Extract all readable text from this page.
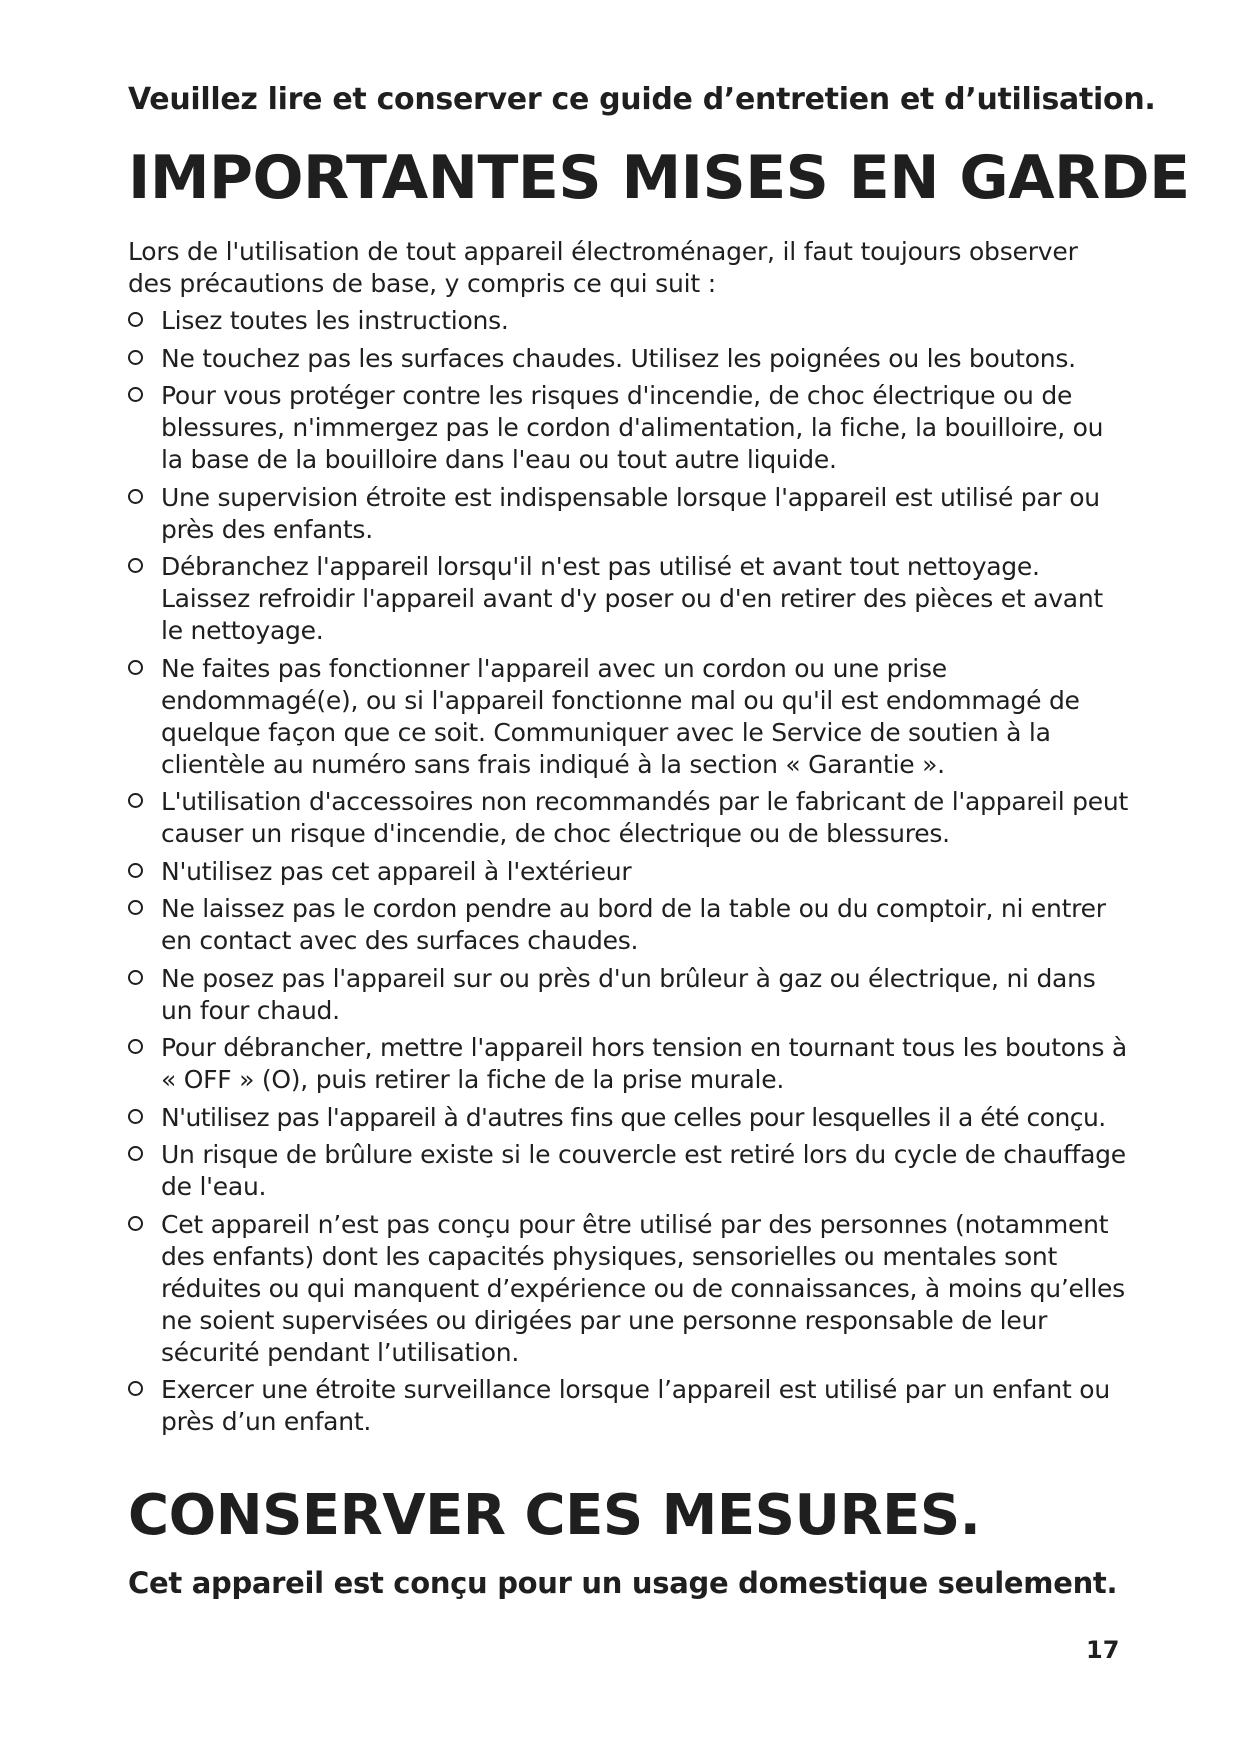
Veuillez lire et conserver ce guide d’entretien et d’utilisation.
IMPORTANTES MISES EN GARDE

Lors de l'utilisation de tout appareil électroménager, il faut toujours observer des précautions de base, y compris ce qui suit :

Lisez toutes les instructions.
Ne touchez pas les surfaces chaudes. Utilisez les poignées ou les boutons.
Pour vous protéger contre les risques d'incendie, de choc électrique ou de blessures, n'immergez pas le cordon d'alimentation, la fiche, la bouilloire, ou la base de la bouilloire dans l'eau ou tout autre liquide.
Une supervision étroite est indispensable lorsque l'appareil est utilisé par ou près des enfants.
Débranchez l'appareil lorsqu'il n'est pas utilisé et avant tout nettoyage. Laissez refroidir l'appareil avant d'y poser ou d'en retirer des pièces et avant le nettoyage.
Ne faites pas fonctionner l'appareil avec un cordon ou une prise endommagé(e), ou si l'appareil fonctionne mal ou qu'il est endommagé de quelque façon que ce soit. Communiquer avec le Service de soutien à la clientèle au numéro sans frais indiqué à la section « Garantie ».
L'utilisation d'accessoires non recommandés par le fabricant de l'appareil peut causer un risque d'incendie, de choc électrique ou de blessures.
N'utilisez pas cet appareil à l'extérieur
Ne laissez pas le cordon pendre au bord de la table ou du comptoir, ni entrer en contact avec des surfaces chaudes.
Ne posez pas l'appareil sur ou près d'un brûleur à gaz ou électrique, ni dans un four chaud.
Pour débrancher, mettre l'appareil hors tension en tournant tous les boutons à « OFF » (O), puis retirer la fiche de la prise murale.
N'utilisez pas l'appareil à d'autres fins que celles pour lesquelles il a été conçu.
Un risque de brûlure existe si le couvercle est retiré lors du cycle de chauffage de l'eau.
Cet appareil n’est pas conçu pour être utilisé par des personnes (notamment des enfants) dont les capacités physiques, sensorielles ou mentales sont réduites ou qui manquent d’expérience ou de connaissances, à moins qu’elles ne soient supervisées ou dirigées par une personne responsable de leur sécurité pendant l’utilisation.
Exercer une étroite surveillance lorsque l’appareil est utilisé par un enfant ou près d’un enfant.
CONSERVER CES MESURES.

Cet appareil est conçu pour un usage domestique seulement.

17
